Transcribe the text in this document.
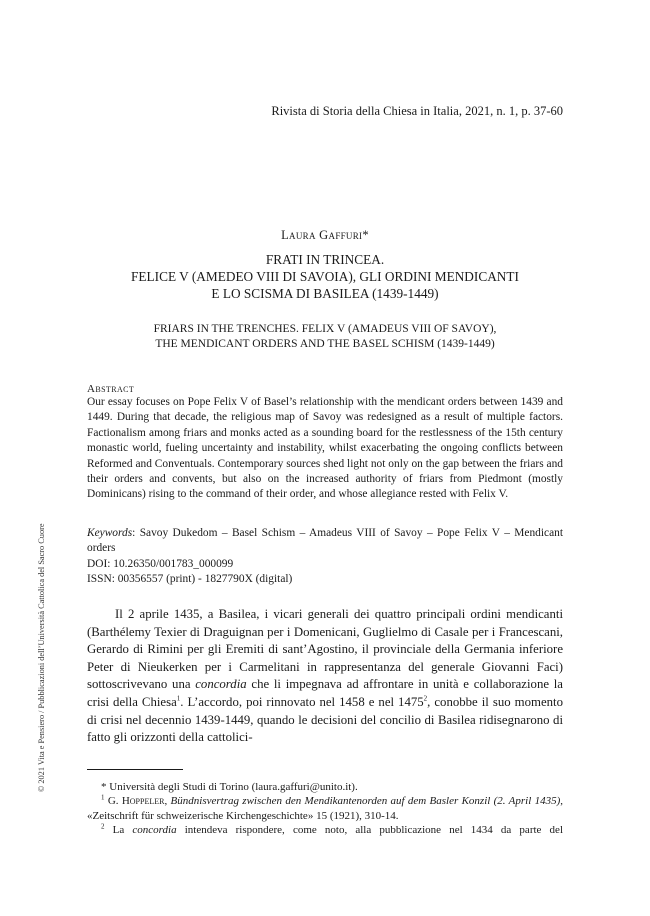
Rivista di Storia della Chiesa in Italia, 2021, n. 1, p. 37-60
Laura Gaffuri*
FRATI IN TRINCEA.
FELICE V (AMEDEO VIII DI SAVOIA), GLI ORDINI MENDICANTI
E LO SCISMA DI BASILEA (1439-1449)
FRIARS IN THE TRENCHES. FELIX V (AMADEUS VIII OF SAVOY),
THE MENDICANT ORDERS AND THE BASEL SCHISM (1439-1449)
Abstract
Our essay focuses on Pope Felix V of Basel’s relationship with the mendicant orders between 1439 and 1449. During that decade, the religious map of Savoy was redesigned as a result of multiple factors. Factionalism among friars and monks acted as a sounding board for the restlessness of the 15th century monastic world, fueling uncertainty and instability, whilst exacerbating the ongoing conflicts between Reformed and Conventuals. Contemporary sources shed light not only on the gap between the friars and their orders and convents, but also on the increased authority of friars from Piedmont (mostly Dominicans) rising to the command of their order, and whose allegiance rested with Felix V.
Keywords: Savoy Dukedom – Basel Schism – Amadeus VIII of Savoy – Pope Felix V – Mendicant orders
DOI: 10.26350/001783_000099
ISSN: 00356557 (print) - 1827790X (digital)

Il 2 aprile 1435, a Basilea, i vicari generali dei quattro principali ordini mendicanti (Barthélemy Texier di Draguignan per i Domenicani, Guglielmo di Casale per i Francescani, Gerardo di Rimini per gli Eremiti di sant’Agostino, il provinciale della Germania inferiore Peter di Nieukerken per i Carmelitani in rappresentanza del generale Giovanni Faci) sottoscrivevano una concordia che li impegnava ad affrontare in unità e collaborazione la crisi della Chiesa$^1$. L’accordo, poi rinnovato nel 1458 e nel 1475$^2$, conobbe il suo momento di crisi nel decennio 1439-1449, quando le decisioni del concilio di Basilea ridisegnarono di fatto gli orizzonti della cattolici-

* Università degli Studi di Torino (laura.gaffuri@unito.it).

$^1$ G. Hoppeler, Bündnisvertrag zwischen den Mendikantenorden auf dem Basler Konzil (2. April 1435), «Zeitschrift für schweizerische Kirchengeschichte» 15 (1921), 310-14.

$^2$ La concordia intendeva rispondere, come noto, alla pubblicazione nel 1434 da parte del

© 2021 Vita e Pensiero / Pubblicazioni dell’Università Cattolica del Sacro Cuore
